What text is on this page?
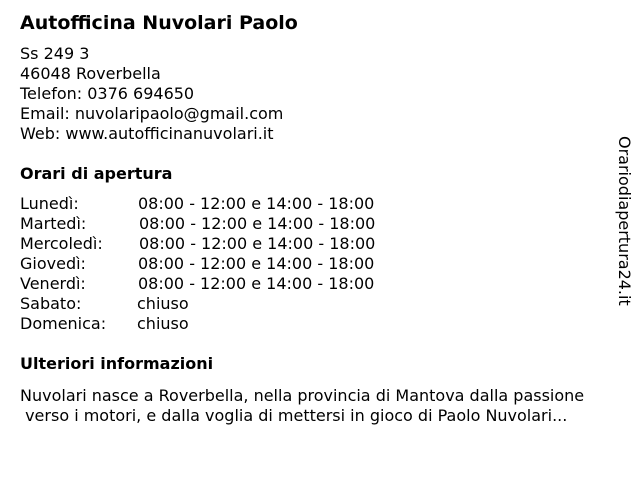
Autofficina Nuvolari Paolo
Ss 249 3
46048 Roverbella
Telefon: 0376 694650
Email: nuvolaripaolo@gmail.com
Web: www.autofficinanuvolari.it
Orari di apertura
Lunedì:	08:00 - 12:00 e 14:00 - 18:00
Martedì:	08:00 - 12:00 e 14:00 - 18:00
Mercoledì: 08:00 - 12:00 e 14:00 - 18:00
Giovedì:	08:00 - 12:00 e 14:00 - 18:00
Venerdì:	08:00 - 12:00 e 14:00 - 18:00
Sabato:	chiuso
Domenica: chiuso
Ulteriori informazioni
Nuvolari nasce a Roverbella, nella provincia di Mantova dalla passione
verso i motori, e dalla voglia di mettersi in gioco di Paolo Nuvolari...
Orariodiapertura24.it
